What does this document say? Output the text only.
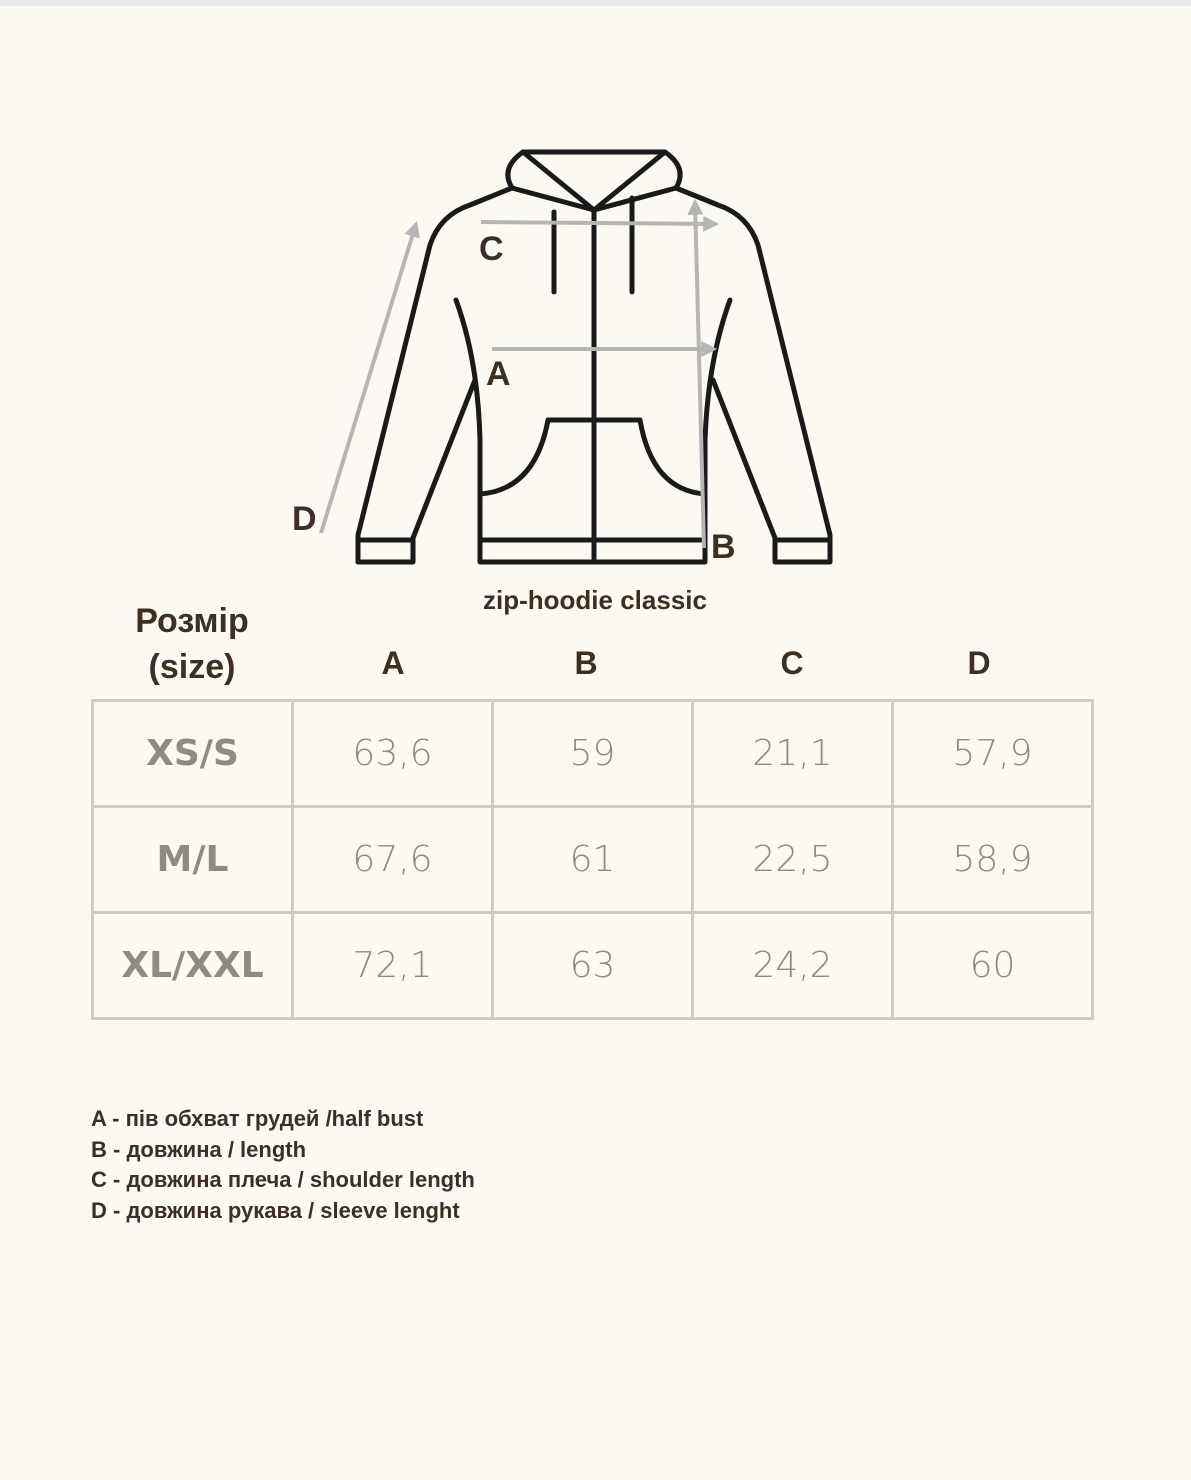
C
A
B
D
zip-hoodie classic
Розмір
(size)	A	B	C	D
XS/S	63,6	59	21,1	57,9
M/L	67,6	61	22,5	58,9
XL/XXL	72,1	63	24,2	60
A - пів обхват грудей /half bust
B - довжина / length
C - довжина плеча / shoulder length
D - довжина рукава / sleeve lenght
